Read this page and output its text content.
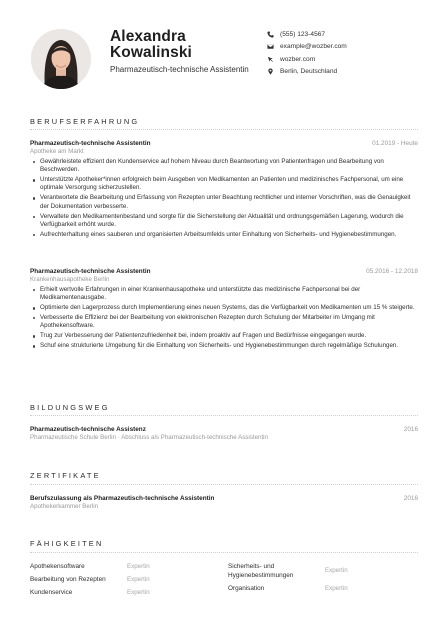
Alexandra
Kowalinski
Pharmazeutisch-technische Assistentin
(555) 123-4567
example@wozber.com
wozber.com
Berlin, Deutschland
BERUFSERFAHRUNG
Pharmazeutisch-technische Assistentin	01.2019 - Heute
Apotheke am Markt
Gewährleistete effizient den Kundenservice auf hohem Niveau durch Beantwortung von Patientenfragen und Bearbeitung von Beschwerden.
Unterstützte Apotheker*innen erfolgreich beim Ausgeben von Medikamenten an Patienten und medizinisches Fachpersonal, um eine optimale Versorgung sicherzustellen.
Verantwortete die Bearbeitung und Erfassung von Rezepten unter Beachtung rechtlicher und interner Vorschriften, was die Genauigkeit der Dokumentation verbesserte.
Verwaltete den Medikamentenbestand und sorgte für die Sicherstellung der Aktualität und ordnungsgemäßen Lagerung, wodurch die Verfügbarkeit erhöht wurde.
Aufrechterhaltung eines sauberen und organisierten Arbeitsumfelds unter Einhaltung von Sicherheits- und Hygienebestimmungen.
Pharmazeutisch-technische Assistentin	05.2016 - 12.2018
Krankenhausapotheke Berlin
Erhielt wertvolle Erfahrungen in einer Krankenhausapotheke und unterstützte das medizinische Fachpersonal bei der Medikamentenausgabe.
Optimierte den Lagerprozess durch Implementierung eines neuen Systems, das die Verfügbarkeit von Medikamenten um 15 % steigerte.
Verbesserte die Effizienz bei der Bearbeitung von elektronischen Rezepten durch Schulung der Mitarbeiter im Umgang mit Apothekensoftware.
Trug zur Verbesserung der Patientenzufriedenheit bei, indem proaktiv auf Fragen und Bedürfnisse eingegangen wurde.
Schuf eine strukturierte Umgebung für die Einhaltung von Sicherheits- und Hygienebestimmungen durch regelmäßige Schulungen.
BILDUNGSWEG
Pharmazeutisch-technische Assistenz	2016
Pharmazeutische Schule Berlin · Abschluss als Pharmazeutisch-technische Assistentin
ZERTIFIKATE
Berufszulassung als Pharmazeutisch-technische Assistentin	2016
Apothekerkammer Berlin
FÄHIGKEITEN
Apothekensoftware	Expertin
Bearbeitung von Rezepten	Expertin
Kundenservice	Expertin
Sicherheits- und Hygienebestimmungen
Expertin
Organisation	Expertin
